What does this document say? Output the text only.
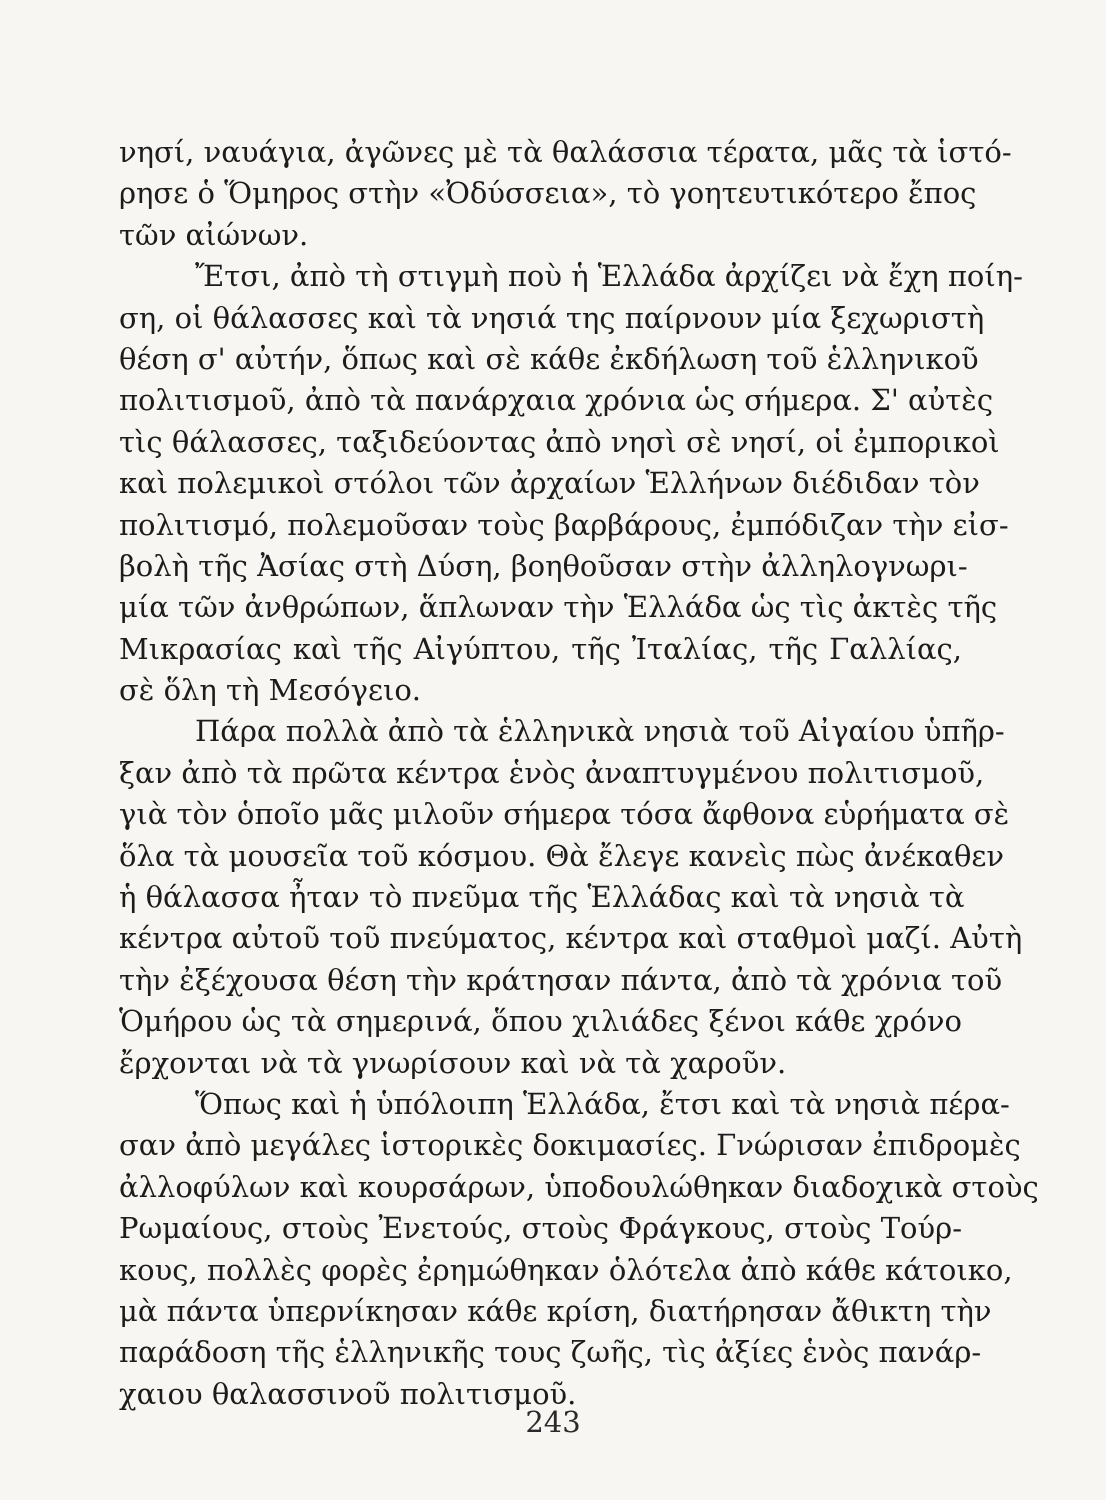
νησί, ναυάγια, ἀγῶνες μὲ τὰ θαλάσσια τέρατα, μᾶς τὰ ἱστό-
ρησε ὁ Ὅμηρος στὴν «Ὀδύσσεια», τὸ γοητευτικότερο ἔπος
τῶν αἰώνων.
Ἔτσι, ἀπὸ τὴ στιγμὴ ποὺ ἡ Ἑλλάδα ἀρχίζει νὰ ἔχη ποίη-
ση, οἱ θάλασσες καὶ τὰ νησιά της παίρνουν μία ξεχωριστὴ
θέση σ' αὐτήν, ὅπως καὶ σὲ κάθε ἐκδήλωση τοῦ ἑλληνικοῦ
πολιτισμοῦ, ἀπὸ τὰ πανάρχαια χρόνια ὡς σήμερα. Σ' αὐτὲς
τὶς θάλασσες, ταξιδεύοντας ἀπὸ νησὶ σὲ νησί, οἱ ἐμπορικοὶ
καὶ πολεμικοὶ στόλοι τῶν ἀρχαίων Ἑλλήνων διέδιδαν τὸν
πολιτισμό, πολεμοῦσαν τοὺς βαρβάρους, ἐμπόδιζαν τὴν εἰσ-
βολὴ τῆς Ἀσίας στὴ Δύση, βοηθοῦσαν στὴν ἀλληλογνωρι-
μία τῶν ἀνθρώπων, ἅπλωναν τὴν Ἑλλάδα ὡς τὶς ἀκτὲς τῆς
Μικρασίας καὶ τῆς Αἰγύπτου, τῆς Ἰταλίας, τῆς Γαλλίας,
σὲ ὅλη τὴ Μεσόγειο.
Πάρα πολλὰ ἀπὸ τὰ ἑλληνικὰ νησιὰ τοῦ Αἰγαίου ὑπῆρ-
ξαν ἀπὸ τὰ πρῶτα κέντρα ἑνὸς ἀναπτυγμένου πολιτισμοῦ,
γιὰ τὸν ὁποῖο μᾶς μιλοῦν σήμερα τόσα ἄφθονα εὑρήματα σὲ
ὅλα τὰ μουσεῖα τοῦ κόσμου. Θὰ ἔλεγε κανεὶς πὼς ἀνέκαθεν
ἡ θάλασσα ἦταν τὸ πνεῦμα τῆς Ἑλλάδας καὶ τὰ νησιὰ τὰ
κέντρα αὐτοῦ τοῦ πνεύματος, κέντρα καὶ σταθμοὶ μαζί. Αὐτὴ
τὴν ἐξέχουσα θέση τὴν κράτησαν πάντα, ἀπὸ τὰ χρόνια τοῦ
Ὁμήρου ὡς τὰ σημερινά, ὅπου χιλιάδες ξένοι κάθε χρόνο
ἔρχονται νὰ τὰ γνωρίσουν καὶ νὰ τὰ χαροῦν.
Ὅπως καὶ ἡ ὑπόλοιπη Ἑλλάδα, ἔτσι καὶ τὰ νησιὰ πέρα-
σαν ἀπὸ μεγάλες ἱστορικὲς δοκιμασίες. Γνώρισαν ἐπιδρομὲς
ἀλλοφύλων καὶ κουρσάρων, ὑποδουλώθηκαν διαδοχικὰ στοὺς
Ρωμαίους, στοὺς Ἐνετούς, στοὺς Φράγκους, στοὺς Τούρ-
κους, πολλὲς φορὲς ἐρημώθηκαν ὁλότελα ἀπὸ κάθε κάτοικο,
μὰ πάντα ὑπερνίκησαν κάθε κρίση, διατήρησαν ἄθικτη τὴν
παράδοση τῆς ἑλληνικῆς τους ζωῆς, τὶς ἀξίες ἑνὸς πανάρ-
χαιου θαλασσινοῦ πολιτισμοῦ.
243
